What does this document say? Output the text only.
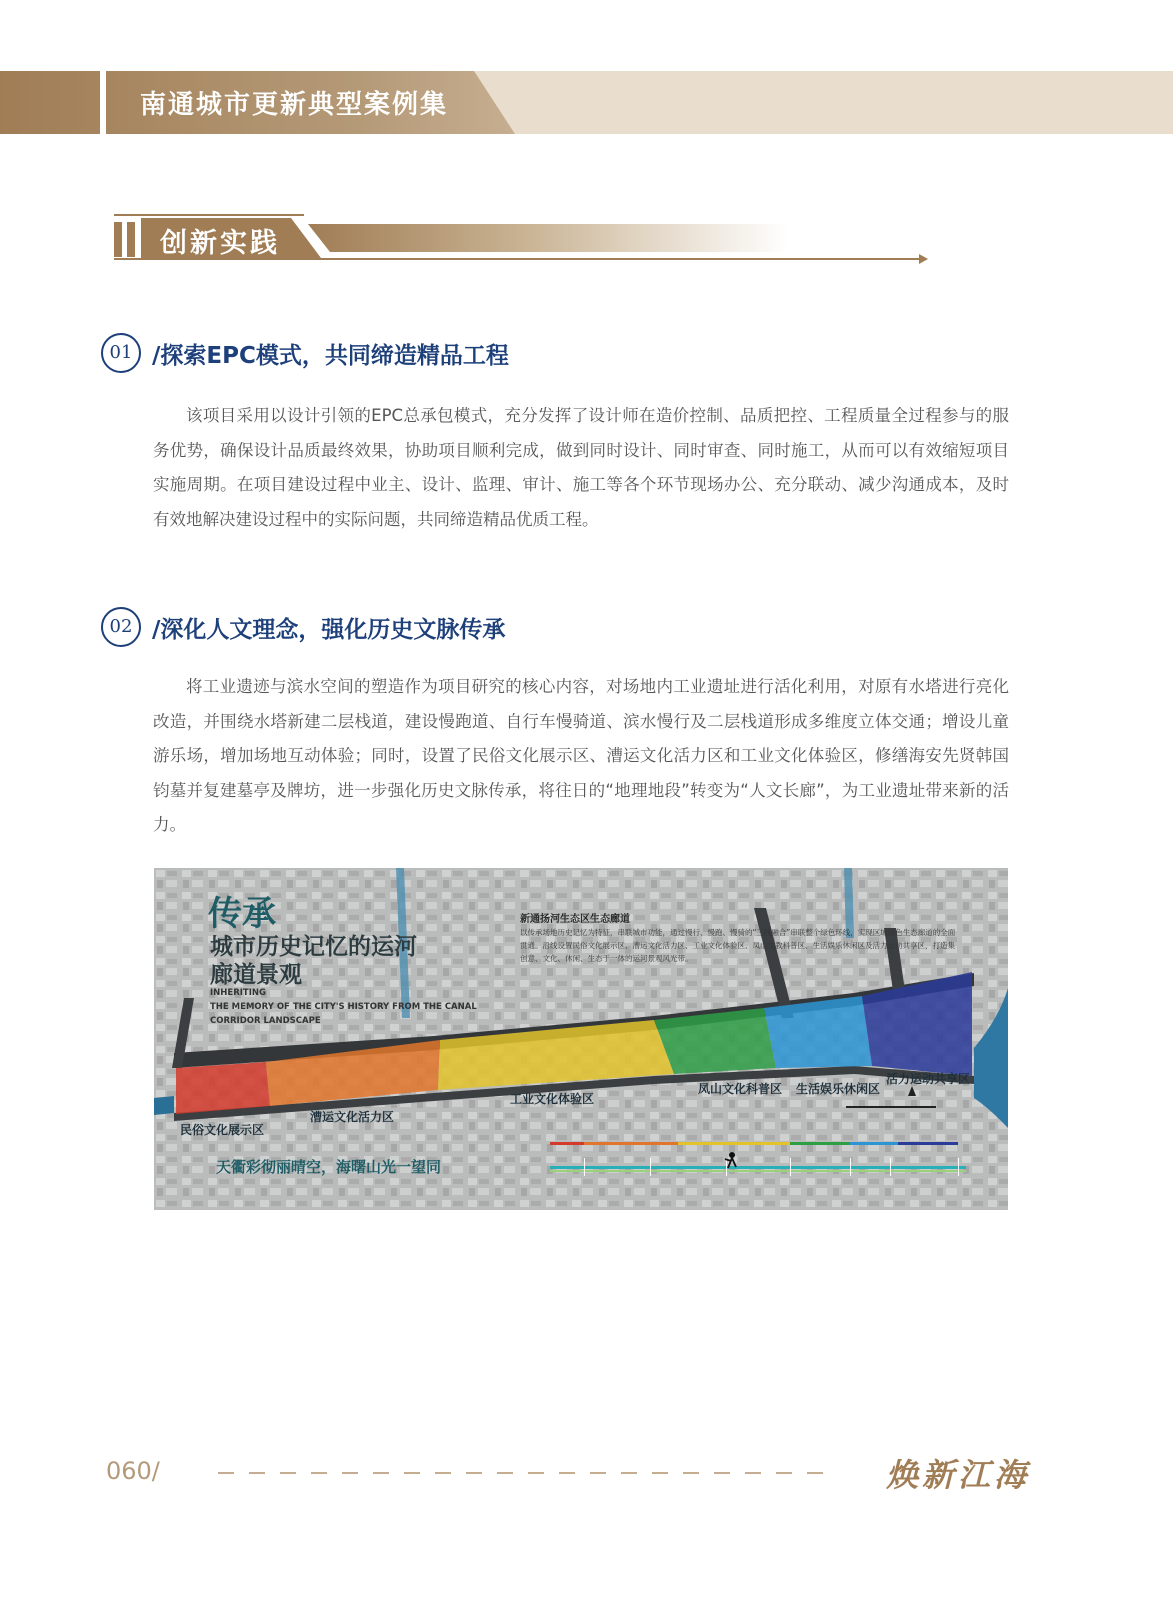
南通城市更新典型案例集
创新实践
01 /探索EPC模式，共同缔造精品工程

该项目采用以设计引领的EPC总承包模式，充分发挥了设计师在造价控制、品质把控、工程质量全过程参与的服务优势，确保设计品质最终效果，协助项目顺利完成，做到同时设计、同时审查、同时施工，从而可以有效缩短项目实施周期。在项目建设过程中业主、设计、监理、审计、施工等各个环节现场办公、充分联动、减少沟通成本，及时有效地解决建设过程中的实际问题，共同缔造精品优质工程。

02 /深化人文理念，强化历史文脉传承

将工业遗迹与滨水空间的塑造作为项目研究的核心内容，对场地内工业遗址进行活化利用，对原有水塔进行亮化改造，并围绕水塔新建二层栈道，建设慢跑道、自行车慢骑道、滨水慢行及二层栈道形成多维度立体交通；增设儿童游乐场，增加场地互动体验；同时，设置了民俗文化展示区、漕运文化活力区和工业文化体验区，修缮海安先贤韩国钧墓并复建墓亭及牌坊，进一步强化历史文脉传承，将往日的“地理地段”转变为“人文长廊”，为工业遗址带来新的活力。

传承
城市历史记忆的运河
廊道景观
INHERITING
THE MEMORY OF THE CITY'S HISTORY FROM THE CANAL
CORRIDOR LANDSCAPE
新通扬河生态区生态廊道
以传承场地历史记忆为特征，串联城市功能，通过慢行、慢跑、慢骑的“三线融合”串联整个绿色环线，实现区域绿色生态廊道的全面贯通。沿线设置民俗文化展示区、漕运文化活力区、工业文化体验区、凤山文教科普区、生活娱乐休闲区及活力运动共享区，打造集创意、文化、休闲、生态于一体的运河景观风光带。
民俗文化展示区
漕运文化活力区
工业文化体验区
凤山文化科普区 生活娱乐休闲区
活力运动共享区
天衢彩彻丽晴空，海曙山光一望同
060/	焕新江海
